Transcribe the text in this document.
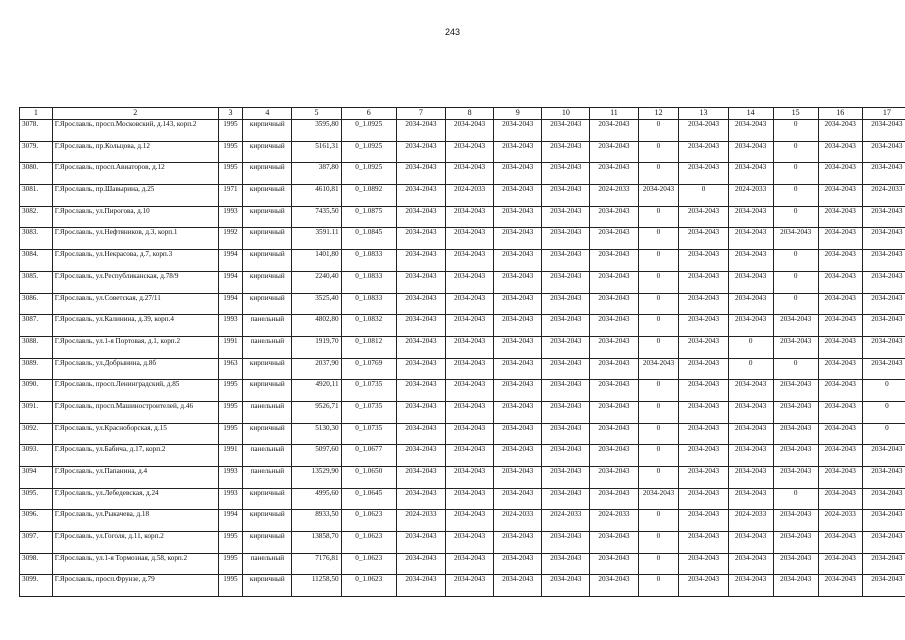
243
1	2	3	4	5	6	7	8	9	10	11	12	13	14	15	16	17
3078.	Г.Ярославль, просп.Московский, д.143, корп.2	1995	кирпичный	3595,80	0_1.0925	2034-2043	2034-2043	2034-2043	2034-2043	2034-2043	0	2034-2043	2034-2043	0	2034-2043	2034-2043
3079.	Г.Ярославль, пр.Кольцова, д.12	1995	кирпичный	5161,31	0_1.0925	2034-2043	2034-2043	2034-2043	2034-2043	2034-2043	0	2034-2043	2034-2043	0	2034-2043	2034-2043
3080.	Г.Ярославль, просп.Авиаторов, д.12	1995	кирпичный	387,80	0_1.0925	2034-2043	2034-2043	2034-2043	2034-2043	2034-2043	0	2034-2043	2034-2043	0	2034-2043	2034-2043
3081.	Г.Ярославль, пр.Шавырина, д.25	1971	кирпичный	4610,81	0_1.0892	2034-2043	2024-2033	2034-2043	2034-2043	2024-2033	2034-2043	0	2024-2033	0	2034-2043	2024-2033
3082.	Г.Ярославль, ул.Пирогова, д.10	1993	кирпичный	7435,50	0_1.0875	2034-2043	2034-2043	2034-2043	2034-2043	2034-2043	0	2034-2043	2034-2043	0	2034-2043	2034-2043
3083.	Г.Ярославль, ул.Нефтяников, д.3, корп.1	1992	кирпичный	3591.11	0_1.0845	2034-2043	2034-2043	2034-2043	2034-2043	2034-2043	0	2034-2043	2034-2043	2034-2043	2034-2043	2034-2043
3084.	Г.Ярославль, ул.Некрасова, д.7, корп.3	1994	кирпичный	1401,80	0_1.0833	2034-2043	2034-2043	2034-2043	2034-2043	2034-2043	0	2034-2043	2034-2043	0	2034-2043	2034-2043
3085.	Г.Ярославль, ул.Республиканская, д.78/9	1994	кирпичный	2240,40	0_1.0833	2034-2043	2034-2043	2034-2043	2034-2043	2034-2043	0	2034-2043	2034-2043	0	2034-2043	2034-2043
3086.	Г.Ярославль, ул.Советская, д.27/11	1994	кирпичный	3525,40	0_1.0833	2034-2043	2034-2043	2034-2043	2034-2043	2034-2043	0	2034-2043	2034-2043	0	2034-2043	2034-2043
3087.	Г.Ярославль, ул.Калинина, д.39, корп.4	1993	панельный	4802,80	0_1.0832	2034-2043	2034-2043	2034-2043	2034-2043	2034-2043	0	2034-2043	2034-2043	2034-2043	2034-2043	2034-2043
3088.	Г.Ярославль, ул.1-я Портовая, д.1, корп.2	1991	панельный	1919,70	0_1.0812	2034-2043	2034-2043	2034-2043	2034-2043	2034-2043	0	2034-2043	0	2034-2043	2034-2043	2034-2043
3089.	Г.Ярославль, ул.Добрынина, д.8б	1963	кирпичный	2037,90	0_1.0769	2034-2043	2034-2043	2034-2043	2034-2043	2034-2043	2034-2043	2034-2043	0	0	2034-2043	2034-2043
3090.	Г.Ярославль, просп.Ленинградский, д.85	1995	кирпичный	4920,11	0_1.0735	2034-2043	2034-2043	2034-2043	2034-2043	2034-2043	0	2034-2043	2034-2043	2034-2043	2034-2043	0
3091.	Г.Ярославль, просп.Машиностроителей, д.46	1995	панельный	9526,71	0_1.0735	2034-2043	2034-2043	2034-2043	2034-2043	2034-2043	0	2034-2043	2034-2043	2034-2043	2034-2043	0
3092.	Г.Ярославль, ул.Красноборская, д.15	1995	кирпичный	5130,30	0_1.0735	2034-2043	2034-2043	2034-2043	2034-2043	2034-2043	0	2034-2043	2034-2043	2034-2043	2034-2043	0
3093.	Г.Ярославль, ул.Бабича, д.17, корп.2	1991	панельный	5097,60	0_1.0677	2034-2043	2034-2043	2034-2043	2034-2043	2034-2043	0	2034-2043	2034-2043	2034-2043	2034-2043	2034-2043
3094	Г.Ярославль, ул.Папанина, д.4	1993	панельный	13529,90	0_1.0650	2034-2043	2034-2043	2034-2043	2034-2043	2034-2043	0	2034-2043	2034-2043	2034-2043	2034-2043	2034-2043
3095.	Г.Ярославль, ул.Лебедевская, д.24	1993	кирпичный	4995,60	0_1.0645	2034-2043	2034-2043	2034-2043	2034-2043	2034-2043	2034-2043	2034-2043	2034-2043	0	2034-2043	2034-2043
3096.	Г.Ярославль, ул.Рыкачева, д.18	1994	кирпичный	8933,50	0_1.0623	2024-2033	2034-2043	2024-2033	2024-2033	2024-2033	0	2034-2043	2024-2033	2034-2043	2024-2033	2034-2043
3097.	Г.Ярославль, ул.Гоголя, д.11, корп.2	1995	кирпичный	13858,70	0_1.0623	2034-2043	2034-2043	2034-2043	2034-2043	2034-2043	0	2034-2043	2034-2043	2034-2043	2034-2043	2034-2043
3098.	Г.Ярославль, ул.1-я Тормозная, д.58, корп.2	1995	панельный	7176,81	0_1.0623	2034-2043	2034-2043	2034-2043	2034-2043	2034-2043	0	2034-2043	2034-2043	2034-2043	2034-2043	2034-2043
3099.	Г.Ярославль, просп.Фрунзе, д.79	1995	кирпичный	11258,50	0_1.0623	2034-2043	2034-2043	2034-2043	2034-2043	2034-2043	0	2034-2043	2034-2043	2034-2043	2034-2043	2034-2043
